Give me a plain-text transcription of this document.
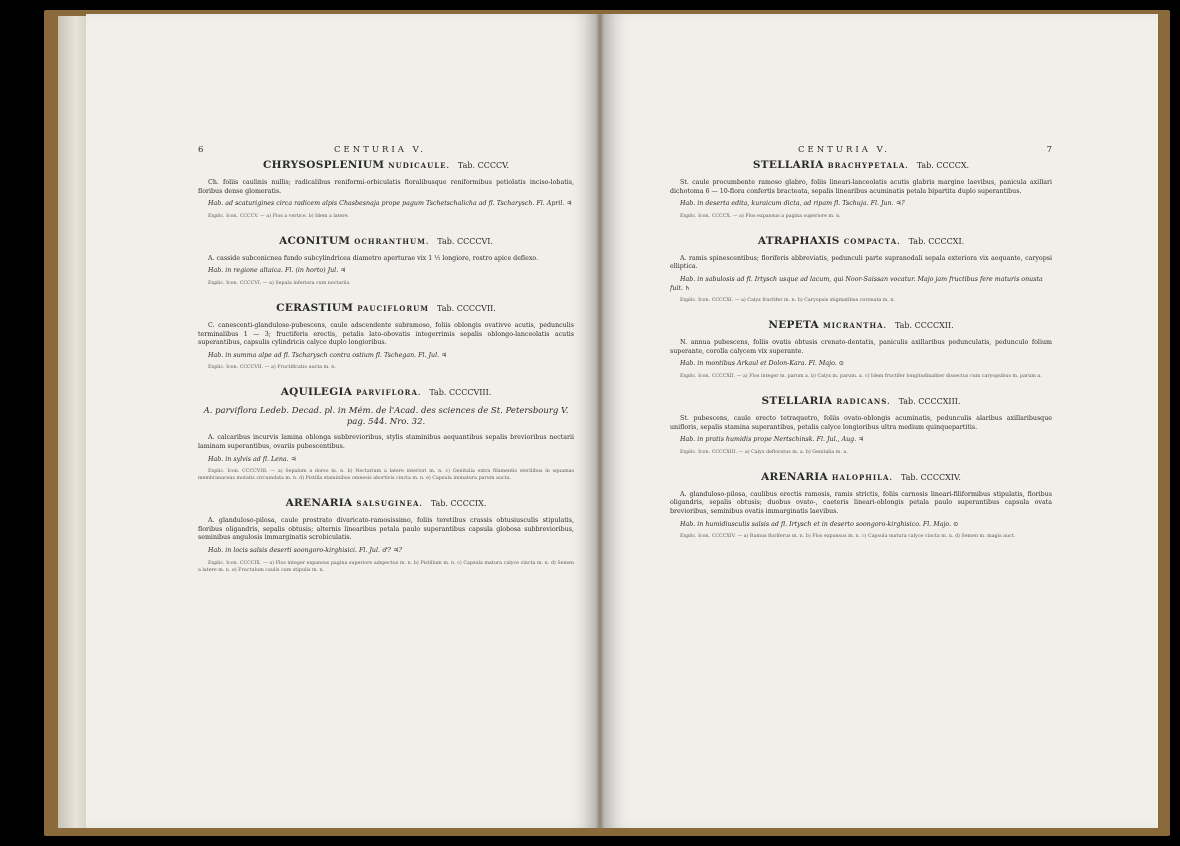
6	CENTURIA V.
CHRYSOSPLENIUM NUDICAULE. Tab. CCCCV.

Ch. foliis caulinis nullis; radicalibus reniformi-orbiculatis floralibusque reniformibus petiolatis inciso-lobatis, floribus dense glomeratis.

Hab. ad scaturigines circa radicem alpis Chasbesnaja prope pagum Tschetschalicha ad fl. Tscharysch. Fl. April. ♃

Explic. Icon. CCCCV. — a) Flos a vertice. b) Idem a latere.
ACONITUM OCHRANTHUM. Tab. CCCCVI.

A. casside subconicnea fundo subcylindricea diametro aperturae vix 1 ½ longiore, rostro apice deflexo.

Hab. in regione altaica. Fl. (in horto) Jul. ♃

Explic. Icon. CCCCVI. — a) Sepala inferiora cum nectariis.
CERASTIUM PAUCIFLORUM Tab. CCCCVII.

C. canescenti-glandulose-pubescens, caule adscendente subramoso, foliis oblongis ovativve acutis, pedunculis terminalibus 1 — 3; fructiferis erectis, petalis lato-obovatis integerrimis sepalis oblongo-lanceolatis acutis superantibus, capsulis cylindricis calyce duplo longioribus.

Hab. in summa alpe ad fl. Tscharysch contra ostium fl. Tschegan. Fl. Jul. ♃

Explic. Icon. CCCCVII. — a) Fructificatio aucta m. n.
AQUILEGIA PARVIFLORA. Tab. CCCCVIII.
A. parviflora Ledeb. Decad. pl. in Mém. de l'Acad. des sciences de St. Petersbourg V. pag. 544. Nro. 32.

A. calcaribus incurvis lamina oblonga subbrevioribus, stylis staminibus aequantibus sepalis brevioribus nectarii laminam superantibus, ovariis pubescentibus.

Hab. in sylvis ad fl. Lena. ♃

Explic. Icon. CCCCVIII. — a) Sepalum a dorso m. n. b) Nectarium a latere interiori m. n. c) Genitalia extra filamentis sterilibus in squamas membranaceas mutatis circumdata m. n. d) Pistilla staminibus omnesis abortivis cincta m. n. e) Capsula immatura parum aucta.
ARENARIA SALSUGINEA. Tab. CCCCIX.

A. glanduloso-pilosa, caule prostrato divaricato-ramosissimo, foliis teretibus crassis obtusiusculis stipulatis, floribus oligandris, sepalis obtusis; alternis linearibus petala paulo superantibus capsula globosa subbrevioribus, seminibus angulosis immarginatis scrobiculatis.

Hab. in locis salsis deserti soongoro-kirghisici. Fl. Jul. ♂? ♃?

Explic. Icon. CCCCIX. — a) Flos integer expansus pagina superiore adspectus m. n. b) Pistillum m. n. c) Capsula matura calyce cincta m. n. d) Semen a latere m. n. e) Fructulum caulis cum stipulis m. n.
CENTURIA V.	7
STELLARIA BRACHYPETALA. Tab. CCCCX.

St. caule procumbente ramoso glabro, foliis lineari-lanceolatis acutis glabris margine laevibus, panicula axillari dichotoma 6 — 10-flora confertis bracteata, sepalis linearibus acuminatis petala bipartita duplo superantibus.

Hab. in deserta edita, kuraicum dicta, ad ripam fl. Tschuja. Fl. Jun. ♃?

Explic. Icon. CCCCX. — a) Flos expansus a pagina superiore m. n.
ATRAPHAXIS COMPACTA. Tab. CCCCXI.

A. ramis spinescentibus; floriferis abbreviatis, pedunculi parte supranodali sepala exteriora vix aequante, caryopsi elliptica.

Hab. in sabulosis ad fl. Irtysch usque ad lacum, qui Noor-Saissan vocatur. Majo jam fructibus fere maturis onusta fuit. ♄

Explic. Icon. CCCCXI. — a) Calyx fructifer m. n. b) Caryopsis stigmatibus coronata m. n.
NEPETA MICRANTHA. Tab. CCCCXII.

N. annua pubescens, foliis ovatis obtusis crenato-dentatis, paniculis axillaribus pedunculatis, pedunculo folium superante, corolla calycem vix superante.

Hab. in montibus Arkaul et Dolon-Kara. Fl. Majo. ⊙

Explic. Icon. CCCCXII. — a) Flos integer m. parum a. b) Calyx m. parum. a. c) Idem fructifer longitudinaliter dissectus cum caryopsibus m. parum a.
STELLARIA RADICANS. Tab. CCCCXIII.

St. pubescens, caule erecto tetraquetro, foliis ovato-oblongis acuminatis, pedunculis alaribus axillaribusque unifloris, sepalis stamina superantibus, petalis calyce longioribus ultra medium quinquepartitis.

Hab. in pratis humidis prope Nertschinsk. Fl. Jul., Aug. ♃

Explic. Icon. CCCCXIII. — a) Calyx defloratus m. a. b) Genitalia m. a.
ARENARIA HALOPHILA. Tab. CCCCXIV.

A. glanduloso-pilosa, caulibus erectis ramosis, ramis strictis, foliis carnosis lineari-filiformibus stipulatis, floribus oligandris, sepalis obtusis; duobus ovato-, caeteris lineari-oblongis petala paulo superantibus capsula ovata brevioribus, seminibus ovatis immarginatis laevibus.

Hab. in humidiusculis salsis ad fl. Irtysch et in deserto soongoro-kirghisico. Fl. Majo. ⊙

Explic. Icon. CCCCXIV. — a) Ramus floriferus m. n. b) Flos expansus m. n. c) Capsula matura calyce cincta m. n. d) Semen m. magis auct.
